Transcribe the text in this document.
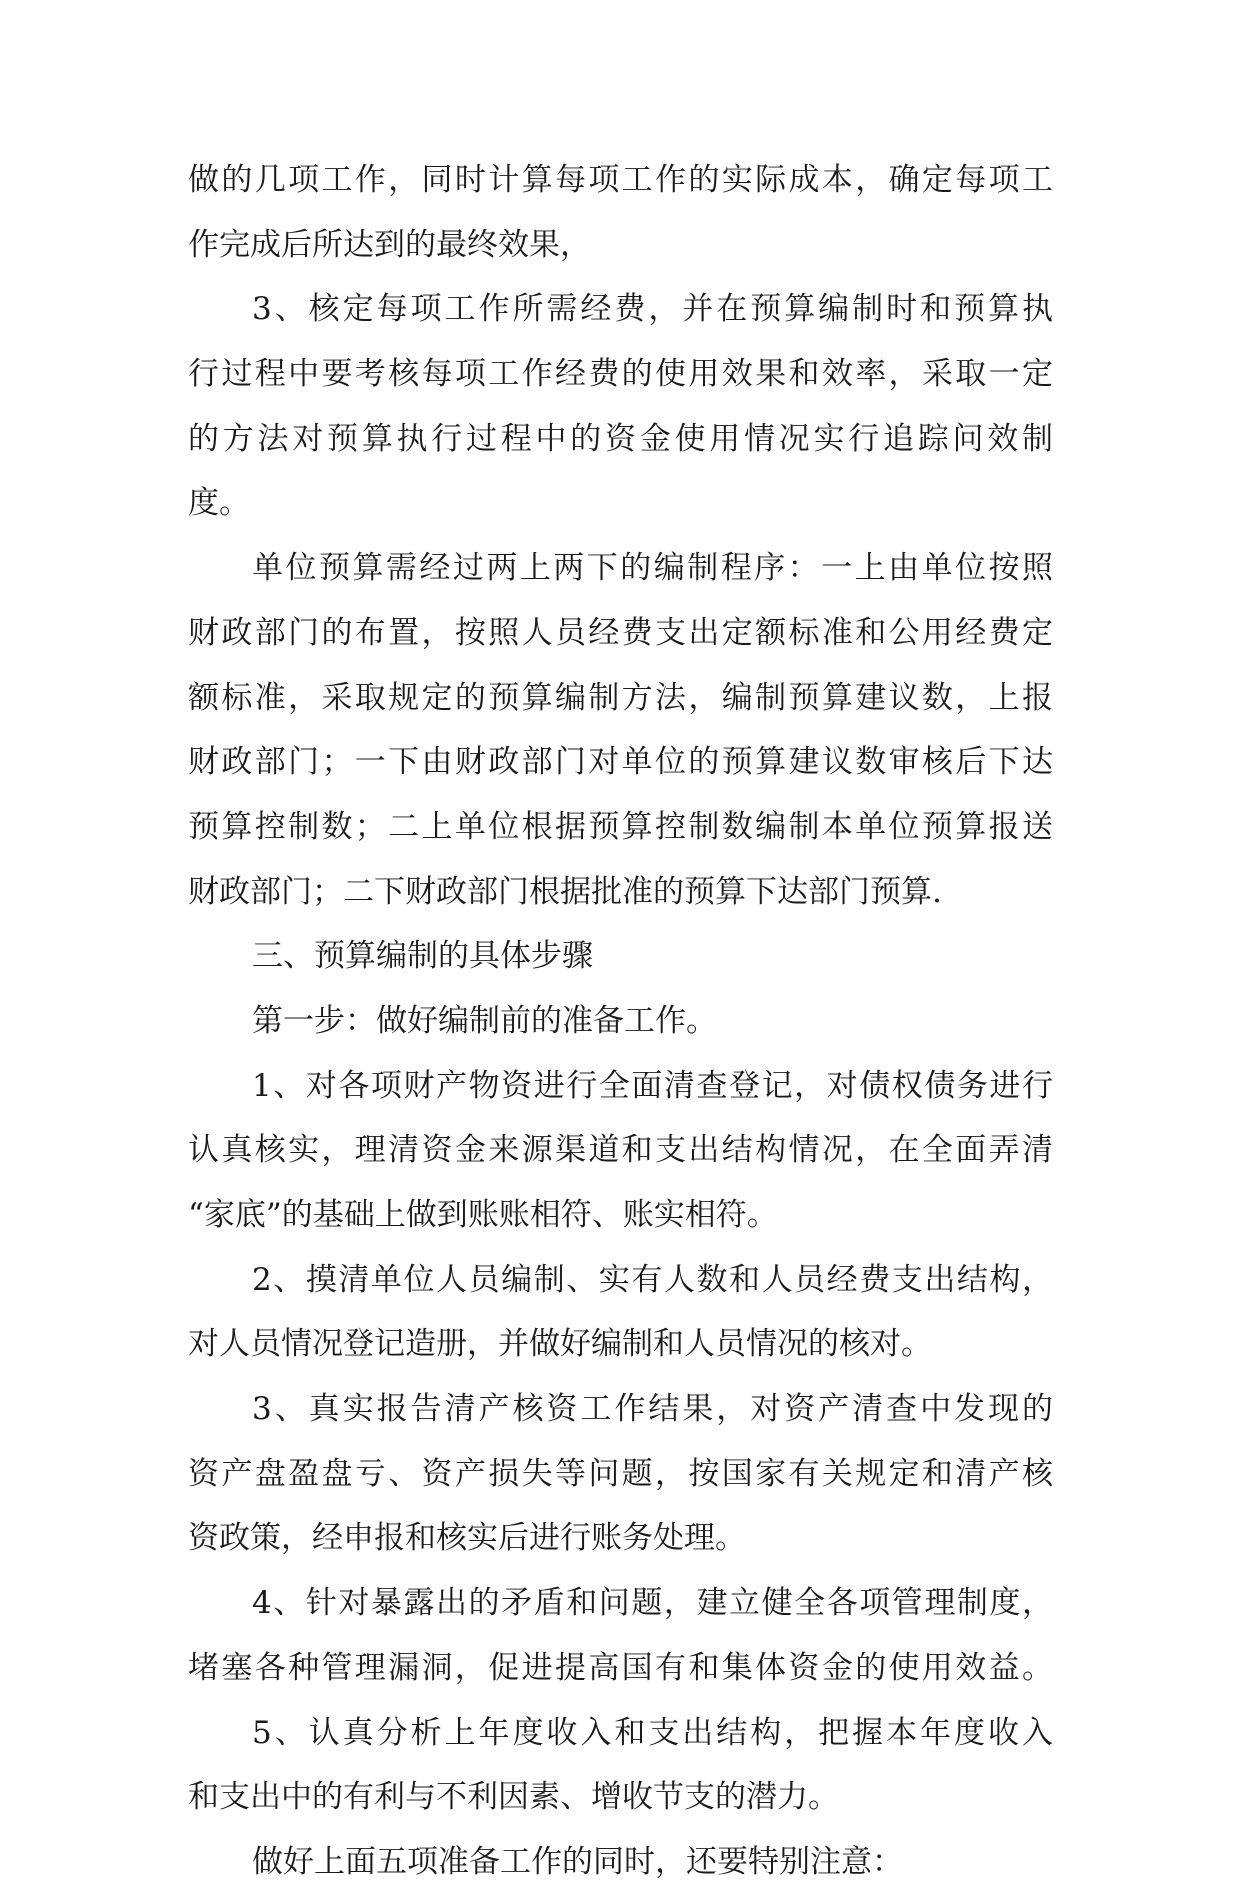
做的几项工作，同时计算每项工作的实际成本，确定每项工
作完成后所达到的最终效果，
3、核定每项工作所需经费，并在预算编制时和预算执
行过程中要考核每项工作经费的使用效果和效率，采取一定
的方法对预算执行过程中的资金使用情况实行追踪问效制
度。
单位预算需经过两上两下的编制程序：一上由单位按照
财政部门的布置，按照人员经费支出定额标准和公用经费定
额标准，采取规定的预算编制方法，编制预算建议数，上报
财政部门；一下由财政部门对单位的预算建议数审核后下达
预算控制数；二上单位根据预算控制数编制本单位预算报送
财政部门；二下财政部门根据批准的预算下达部门预算.
三、预算编制的具体步骤
第一步：做好编制前的准备工作。
1、对各项财产物资进行全面清查登记，对债权债务进行
认真核实，理清资金来源渠道和支出结构情况，在全面弄清
“家底”的基础上做到账账相符、账实相符。
2、摸清单位人员编制、实有人数和人员经费支出结构，
对人员情况登记造册，并做好编制和人员情况的核对。
3、真实报告清产核资工作结果，对资产清查中发现的
资产盘盈盘亏、资产损失等问题，按国家有关规定和清产核
资政策，经申报和核实后进行账务处理。
4、针对暴露出的矛盾和问题，建立健全各项管理制度，
堵塞各种管理漏洞，促进提高国有和集体资金的使用效益。
5、认真分析上年度收入和支出结构，把握本年度收入
和支出中的有利与不利因素、增收节支的潜力。
做好上面五项准备工作的同时，还要特别注意：
